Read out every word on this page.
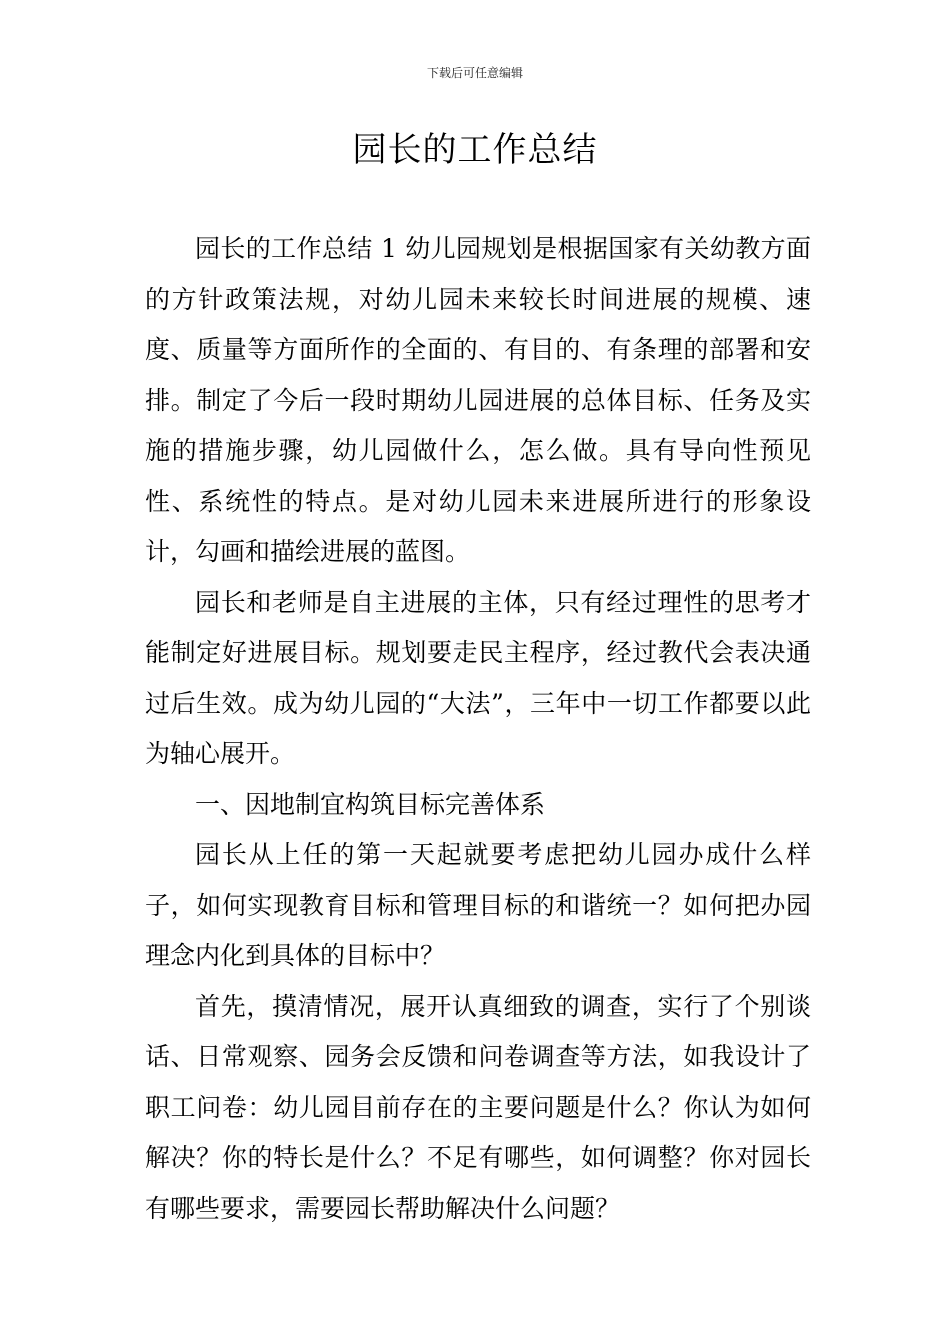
下载后可任意编辑
园长的工作总结

园长的工作总结 1 幼儿园规划是根据国家有关幼教方面的方针政策法规，对幼儿园未来较长时间进展的规模、速度、质量等方面所作的全面的、有目的、有条理的部署和安排。制定了今后一段时期幼儿园进展的总体目标、任务及实施的措施步骤，幼儿园做什么，怎么做。具有导向性预见性、系统性的特点。是对幼儿园未来进展所进行的形象设计，勾画和描绘进展的蓝图。

园长和老师是自主进展的主体，只有经过理性的思考才能制定好进展目标。规划要走民主程序，经过教代会表决通过后生效。成为幼儿园的“大法”，三年中一切工作都要以此为轴心展开。

一、因地制宜构筑目标完善体系

园长从上任的第一天起就要考虑把幼儿园办成什么样子，如何实现教育目标和管理目标的和谐统一？如何把办园理念内化到具体的目标中？

首先，摸清情况，展开认真细致的调查，实行了个别谈话、日常观察、园务会反馈和问卷调查等方法，如我设计了职工问卷：幼儿园目前存在的主要问题是什么？你认为如何解决？你的特长是什么？不足有哪些，如何调整？你对园长有哪些要求，需要园长帮助解决什么问题？
